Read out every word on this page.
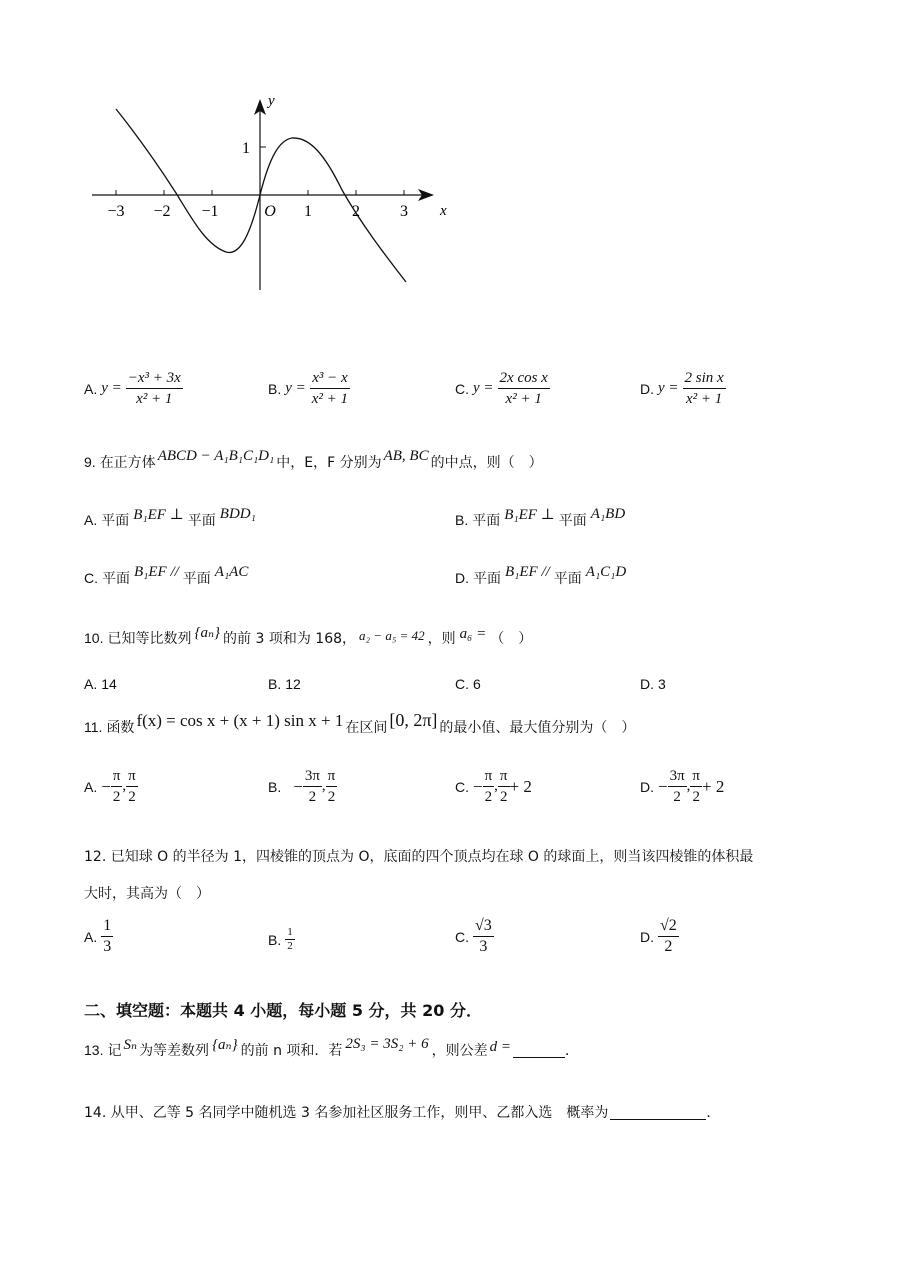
−3 −2 −1	O 1	2	3 x
y
1
A. $y = \frac{\text{−x³ + 3x}}{\text{x² + 1}}$	B. $y = \frac{\text{x³ − x}}{\text{x² + 1}}$	C. $y = \frac{\text{2x cos x}}{\text{x² + 1}}$	D. $y = \frac{\text{2 sin x}}{\text{x² + 1}}$
9. 在正方体 ABCD − A₁B₁C₁D₁ 中，E，F 分别为 AB, BC 的中点，则（　）
A. 平面 B₁EF ⊥ 平面 BDD₁	B. 平面 B₁EF ⊥ 平面 A₁BD
C. 平面 B₁EF // 平面 A₁AC	D. 平面 B₁EF // 平面 A₁C₁D
10. 已知等比数列 {aₙ} 的前 3 项和为 168， a₂ − a₅ = 42 ，则 a₆ = （　）
A. 14	B. 12	C. 6	D. 3
11. 函数 f(x) = cos x + (x + 1) sin x + 1 在区间 [0, 2π] 的最小值、最大值分别为（　）
A. − $\frac{\pi}{2}$ , $\frac{\pi}{2}$	B. − $\frac{3\pi}{2}$ , $\frac{\pi}{2}$	C. − $\frac{\pi}{2}$ , $\frac{\pi}{2} + 2$	D. − $\frac{3\pi}{2}$ , $\frac{\pi}{2} + 2$
12. 已知球 O 的半径为 1，四棱锥的顶点为 O，底面的四个顶点均在球 O 的球面上，则当该四棱锥的体积最
大时，其高为（　）
A. $\frac{1}{3}$	B. $\frac{1}{2}$	C. $\frac{√3}{3}$	D. $\frac{√2}{2}$
二、填空题：本题共 4 小题，每小题 5 分，共 20 分．
13. 记 Sₙ 为等差数列 {aₙ} 的前 n 项和．若 2S₃ = 3S₂ + 6 ，则公差 d =	．
14. 从甲、乙等 5 名同学中随机选 3 名参加社区服务工作，则甲、乙都入选　概率为	．
